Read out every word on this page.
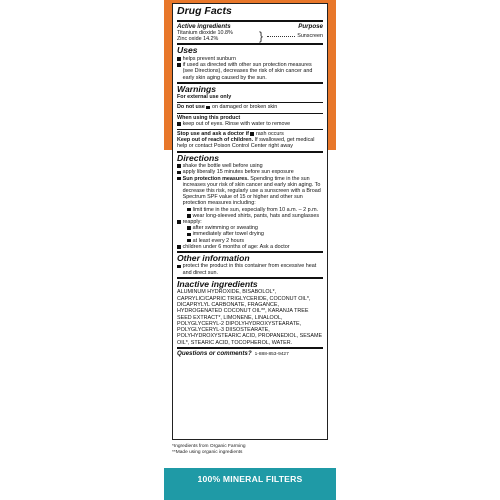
Drug Facts
Active ingredients	Purpose
Titanium dioxide 10.8%
Zinc oxide 14.2%	}	Sunscreen
Uses
helps prevent sunburn
if used as directed with other sun protection measures (see Directions), decreases the risk of skin cancer and early skin aging caused by the sun.
Warnings
For external use only
Do not use
on damaged or broken skin
When using this product
keep out of eyes. Rinse with water to remove
Stop use and ask a doctor if
rash occurs
Keep out of reach of children. If swallowed, get medical help or contact Poison Control Center right away
Directions
shake the bottle well before using
apply liberally 15 minutes before sun exposure
Sun protection measures. Spending time in the sun increases your risk of skin cancer and early skin aging. To decrease this risk, regularly use a sunscreen with a Broad Spectrum SPF value of 15 or higher and other sun protection measures including:
limit time in the sun, especially from 10 a.m. – 2 p.m.
wear long-sleeved shirts, pants, hats and sunglasses
reapply:
after swimming or sweating
immediately after towel drying
at least every 2 hours
children under 6 months of age: Ask a doctor
Other information
protect the product in this container from excessive heat and direct sun.
Inactive ingredients
ALUMINUM HYDROXIDE, BISABOLOL*, CAPRYLIC/CAPRIC TRIGLYCERIDE, COCONUT OIL*, DICAPRYLYL CARBONATE, FRAGANCE, HYDROGENATED COCONUT OIL**, KARANJA TREE SEED EXTRACT*, LIMONENE, LINALOOL, POLYGLYCERYL-2 DIPOLYHYDROXYSTEARATE, POLYGLYCERYL-3 DIISOSTEARATE, POLYHYDROXYSTEARIC ACID, PROPANEDIOL, SESAME OIL*, STEARIC ACID, TOCOPHEROL, WATER.
Questions or comments? 1-888-853-9427
*Ingredients from Organic Farming
**Made using organic ingredients
100% MINERAL FILTERS
